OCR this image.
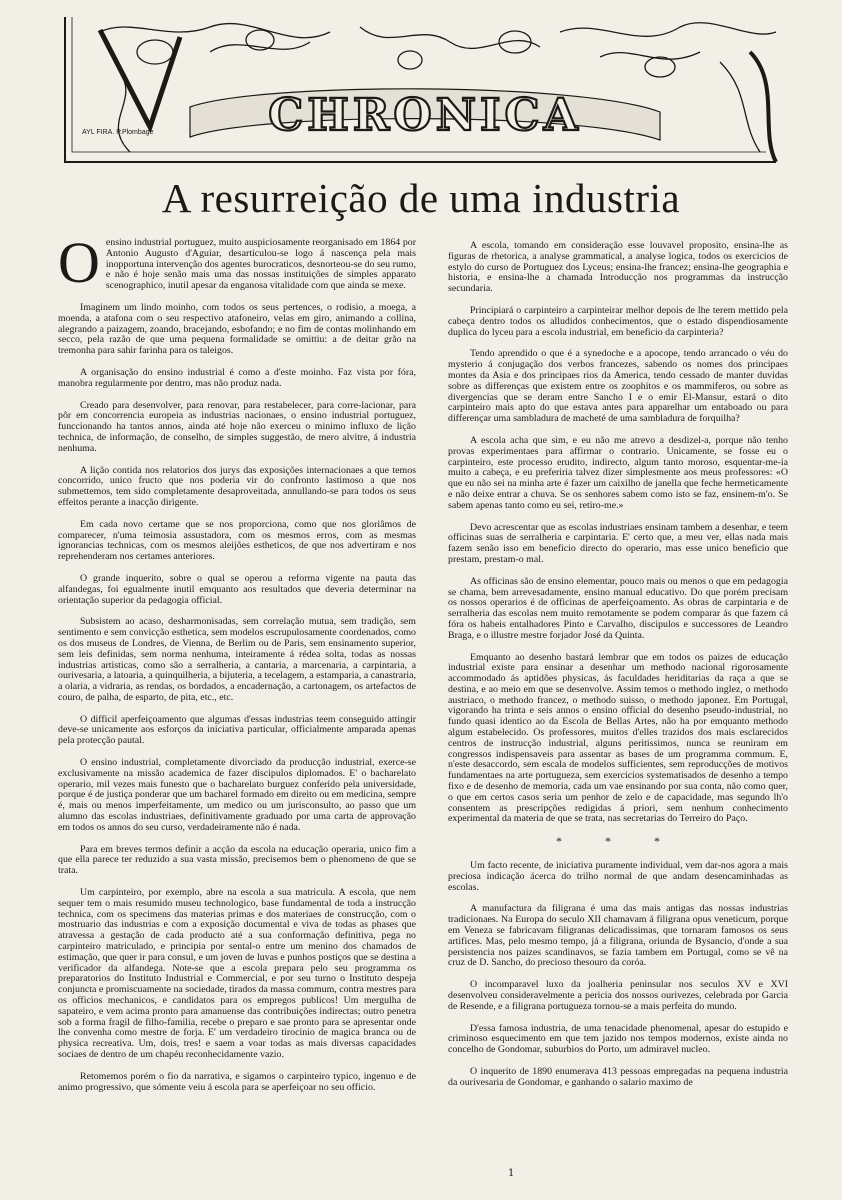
CHRONICA
AYL FIRA. P.Plombage
A resurreição de uma industria

Oensino industrial portuguez, muito auspiciosamente reorganisado em 1864 por Antonio Augusto d'Aguiar, desarticulou-se logo á nascença pela mais inopportuna intervenção dos agentes burocraticos, desnorteou-se do seu rumo, e não é hoje senão mais uma das nossas instituições de simples apparato scenographico, inutil apesar da enganosa vitalidade com que ainda se mexe.

Imaginem um lindo moinho, com todos os seus pertences, o rodisio, a moega, a moenda, a atafona com o seu respectivo atafoneiro, velas em giro, animando a collina, alegrando a paizagem, zoando, bracejando, esbofando; e no fim de contas molinhando em secco, pela razão de que uma pequena formalidade se omittiu: a de deitar grão na tremonha para sahir farinha para os taleigos.

A organisação do ensino industrial é como a d'este moinho. Faz vista por fóra, manobra regularmente por dentro, mas não produz nada.

Creado para desenvolver, para renovar, para restabelecer, para corre-lacionar, para pôr em concorrencia europeia as industrias nacionaes, o ensino industrial portuguez, funccionando ha tantos annos, ainda até hoje não exerceu o minimo influxo de lição technica, de informação, de conselho, de simples suggestão, de mero alvitre, á industria nenhuma.

A lição contida nos relatorios dos jurys das exposições internacionaes a que temos concorrido, unico fructo que nos poderia vir do confronto lastimoso a que nos submettemos, tem sido completamente desaproveitada, annullando-se para todos os seus effeitos perante a inacção dirigente.

Em cada novo certame que se nos proporciona, como que nos gloriâmos de comparecer, n'uma teimosia assustadora, com os mesmos erros, com as mesmas ignorancias technicas, com os mesmos aleijões estheticos, de que nos advertiram e nos reprehenderam nos certames anteriores.

O grande inquerito, sobre o qual se operou a reforma vigente na pauta das alfandegas, foi egualmente inutil emquanto aos resultados que deveria determinar na orientação superior da pedagogia official.

Subsistem ao acaso, desharmonisadas, sem correlação mutua, sem tradição, sem sentimento e sem convicção esthetica, sem modelos escrupulosamente coordenados, como os dos museus de Londres, de Vienna, de Berlim ou de Paris, sem ensinamento superior, sem leis definidas, sem norma nenhuma, inteiramente á rédea solta, todas as nossas industrias artisticas, como são a serralheria, a cantaria, a marcenaria, a carpintaria, a ourivesaria, a latoaria, a quinquilheria, a bijuteria, a tecelagem, a estamparia, a canastraria, a olaria, a vidraria, as rendas, os bordados, a encadernação, a cartonagem, os artefactos de couro, de palha, de esparto, de pita, etc., etc.

O difficil aperfeiçoamento que algumas d'essas industrias teem conseguido attingir deve-se unicamente aos esforços da iniciativa particular, officialmente amparada apenas pela protecção pautal.

O ensino industrial, completamente divorciado da producção industrial, exerce-se exclusivamente na missão academica de fazer discipulos diplomados. E' o bacharelato operario, mil vezes mais funesto que o bacharelato burguez conferido pela universidade, porque é de justiça ponderar que um bacharel formado em direito ou em medicina, sempre é, mais ou menos imperfeitamente, um medico ou um jurisconsulto, ao passo que um alumno das escolas industriaes, definitivamente graduado por uma carta de approvação em todos os annos do seu curso, verdadeiramente não é nada.

Para em breves termos definir a acção da escola na educação operaria, unico fim a que ella parece ter reduzido a sua vasta missão, precisemos bem o phenomeno de que se trata.

Um carpinteiro, por exemplo, abre na escola a sua matricula. A escola, que nem sequer tem o mais resumido museu technologico, base fundamental de toda a instrucção technica, com os specimens das materias primas e dos materiaes de construcção, com o mostruario das industrias e com a exposição documental e viva de todas as phases que atravessa a gestação de cada producto até a sua conformação definitiva, pega no carpinteiro matriculado, e principia por sental-o entre um menino dos chamados de estimação, que quer ir para consul, e um joven de luvas e punhos postiços que se destina a verificador da alfandega. Note-se que a escola prepara pelo seu programma os preparatorios do Instituto Industrial e Commercial, e por seu turno o Instituto despeja conjuncta e promiscuamente na sociedade, tirados da massa commum, contra mestres para os officios mechanicos, e candidatos para os empregos publicos! Um mergulha de sapateiro, e vem acima pronto para amanuense das contribuições indirectas; outro penetra sob a forma fragil de filho-familia, recebe o preparo e sae pronto para se apresentar onde lhe convenha como mestre de forja. E' um verdadeiro tirocinio de magica branca ou de physica recreativa. Um, dois, tres! e saem a voar todas as mais diversas capacidades sociaes de dentro de um chapéu reconhecidamente vazio.

Retomemos porém o fio da narrativa, e sigamos o carpinteiro typico, ingenuo e de animo progressivo, que sómente veiu á escola para se aperfeiçoar no seu officio.

A escola, tomando em consideração esse louvavel proposito, ensina-lhe as figuras de rhetorica, a analyse grammatical, a analyse logica, todos os exercicios de estylo do curso de Portuguez dos Lyceus; ensina-lhe francez; ensina-lhe geographia e historia, e ensina-lhe a chamada Introducção nos programmas da instrucção secundaria.

Principiará o carpinteiro a carpinteirar melhor depois de lhe terem mettido pela cabeça dentro todos os alludidos conhecimentos, que o estado dispendiosamente duplica do lyceu para a escola industrial, em beneficio da carpinteria?

Tendo aprendido o que é a synedoche e a apocope, tendo arrancado o véu do mysterio á conjugação dos verbos francezes, sabendo os nomes dos principaes montes da Asia e dos principaes rios da America, tendo cessado de manter duvidas sobre as differenças que existem entre os zoophitos e os mammiferos, ou sobre as divergencias que se deram entre Sancho I e o emir El-Mansur, estará o dito carpinteiro mais apto do que estava antes para apparelhar um entaboado ou para differençar uma sambladura de macheté de uma sambladura de forquilha?

A escola acha que sim, e eu não me atrevo a desdizel-a, porque não tenho provas experimentaes para affirmar o contrario. Unicamente, se fosse eu o carpinteiro, este processo erudito, indirecto, algum tanto moroso, esquentar-me-ia muito a cabeça, e eu preferiria talvez dizer simplesmente aos meus professores: «O que eu não sei na minha arte é fazer um caixilho de janella que feche hermeticamente e não deixe entrar a chuva. Se os senhores sabem como isto se faz, ensinem-m'o. Se sabem apenas tanto como eu sei, retiro-me.»

Devo acrescentar que as escolas industriaes ensinam tambem a desenhar, e teem officinas suas de serralheria e carpintaria. E' certo que, a meu ver, ellas nada mais fazem senão isso em beneficio directo do operario, mas esse unico beneficio que prestam, prestam-o mal.

As officinas são de ensino elementar, pouco mais ou menos o que em pedagogia se chama, bem arrevesadamente, ensino manual educativo. Do que porém precisam os nossos operarios é de officinas de aperfeiçoamento. As obras de carpintaria e de serralheria das escolas nem muito remotamente se podem comparar ás que fazem cá fóra os habeis entalhadores Pinto e Carvalho, discipulos e successores de Leandro Braga, e o illustre mestre forjador José da Quinta.

Emquanto ao desenho bastará lembrar que em todos os paizes de educação industrial existe para ensinar a desenhar um methodo nacional rigorosamente accommodado ás aptidões physicas, ás faculdades heriditarias da raça a que se destina, e ao meio em que se desenvolve. Assim temos o methodo inglez, o methodo austriaco, o methodo francez, o methodo suisso, o methodo japonez. Em Portugal, vigorando ha trinta e seis annos o ensino official do desenho pseudo-industrial, no fundo quasi identico ao da Escola de Bellas Artes, não ha por emquanto methodo algum estabelecido. Os professores, muitos d'elles trazidos dos mais esclarecidos centros de instrucção industrial, alguns peritissimos, nunca se reuniram em congressos indispensaveis para assentar as bases de um programma commum. E, n'este desaccordo, sem escala de modelos sufficientes, sem reproducções de motivos fundamentaes na arte portugueza, sem exercicios systematisados de desenho a tempo fixo e de desenho de memoria, cada um vae ensinando por sua conta, não como quer, o que em certos casos seria um penhor de zelo e de capacidade, mas segundo lh'o consentem as prescripções redigidas á priori, sem nenhum conhecimento experimental da materia de que se trata, nas secretarias do Terreiro do Paço.

* * *

Um facto recente, de iniciativa puramente individual, vem dar-nos agora a mais preciosa indicação ácerca do trilho normal de que andam desencaminhadas as escolas.

A manufactura da filigrana é uma das mais antigas das nossas industrias tradicionaes. Na Europa do seculo XII chamavam á filigrana opus veneticum, porque em Veneza se fabricavam filigranas delicadissimas, que tornaram famosos os seus artifices. Mas, pelo mesmo tempo, já a filigrana, oriunda de Bysancio, d'onde a sua persistencia nos paizes scandinavos, se fazia tambem em Portugal, como se vê na cruz de D. Sancho, do precioso thesouro da coróa.

O incomparavel luxo da joalheria peninsular nos seculos XV e XVI desenvolveu consideravelmente a pericia dos nossos ourivezes, celebrada por Garcia de Resende, e a filigrana portugueza tornou-se a mais perfeita do mundo.

D'essa famosa industria, de uma tenacidade phenomenal, apesar do estupido e criminoso esquecimento em que tem jazido nos tempos modernos, existe ainda no concelho de Gondomar, suburbios do Porto, um admiravel nucleo.

O inquerito de 1890 enumerava 413 pessoas empregadas na pequena industria da ourivesaria de Gondomar, e ganhando o salario maximo de

1
